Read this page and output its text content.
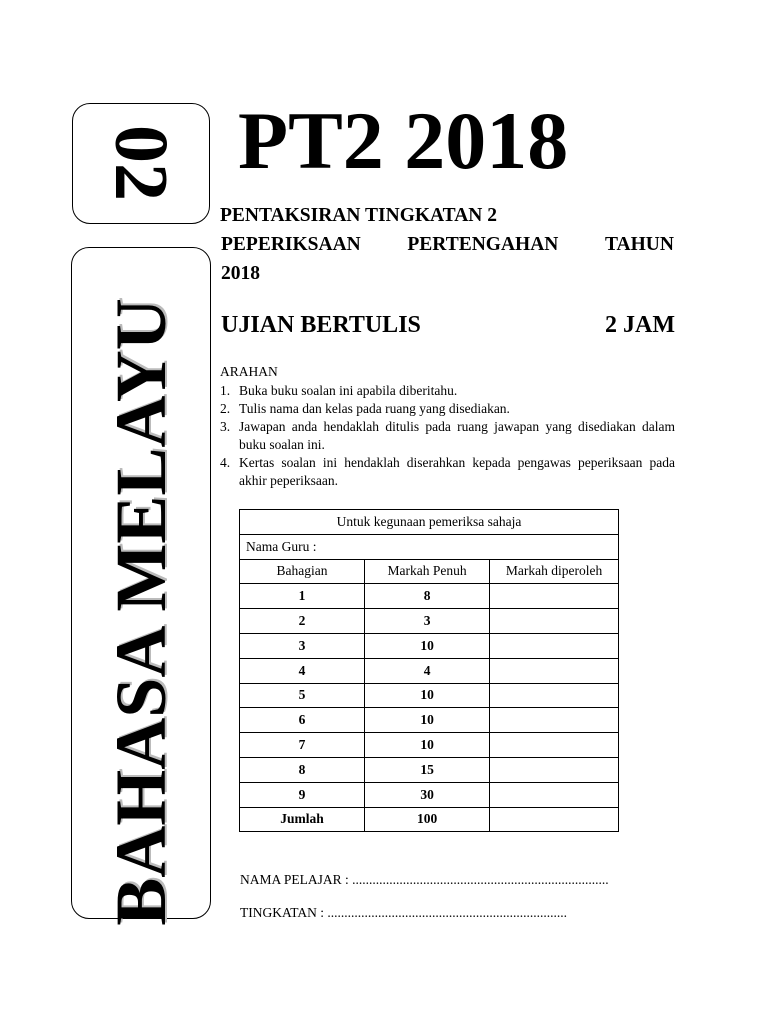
02
BAHASA MELAYU
PT2 2018
PENTAKSIRAN TINGKATAN 2
PEPERIKSAAN PERTENGAHAN TAHUN
2018
UJIAN BERTULIS	2 JAM
ARAHAN
1. Buka buku soalan ini apabila diberitahu.
2. Tulis nama dan kelas pada ruang yang disediakan.
3. Jawapan anda hendaklah ditulis pada ruang jawapan yang disediakan dalam buku soalan ini.
4. Kertas soalan ini hendaklah diserahkan kepada pengawas peperiksaan pada akhir peperiksaan.
Untuk kegunaan pemeriksa sahaja		
Nama Guru :		
Bahagian	Markah Penuh	Markah diperoleh
1	8	
2	3	
3	10	
4	4	
5	10	
6	10	
7	10	
8	15	
9	30	
Jumlah	100	
NAMA PELAJAR : ............................................................................
TINGKATAN : .......................................................................
